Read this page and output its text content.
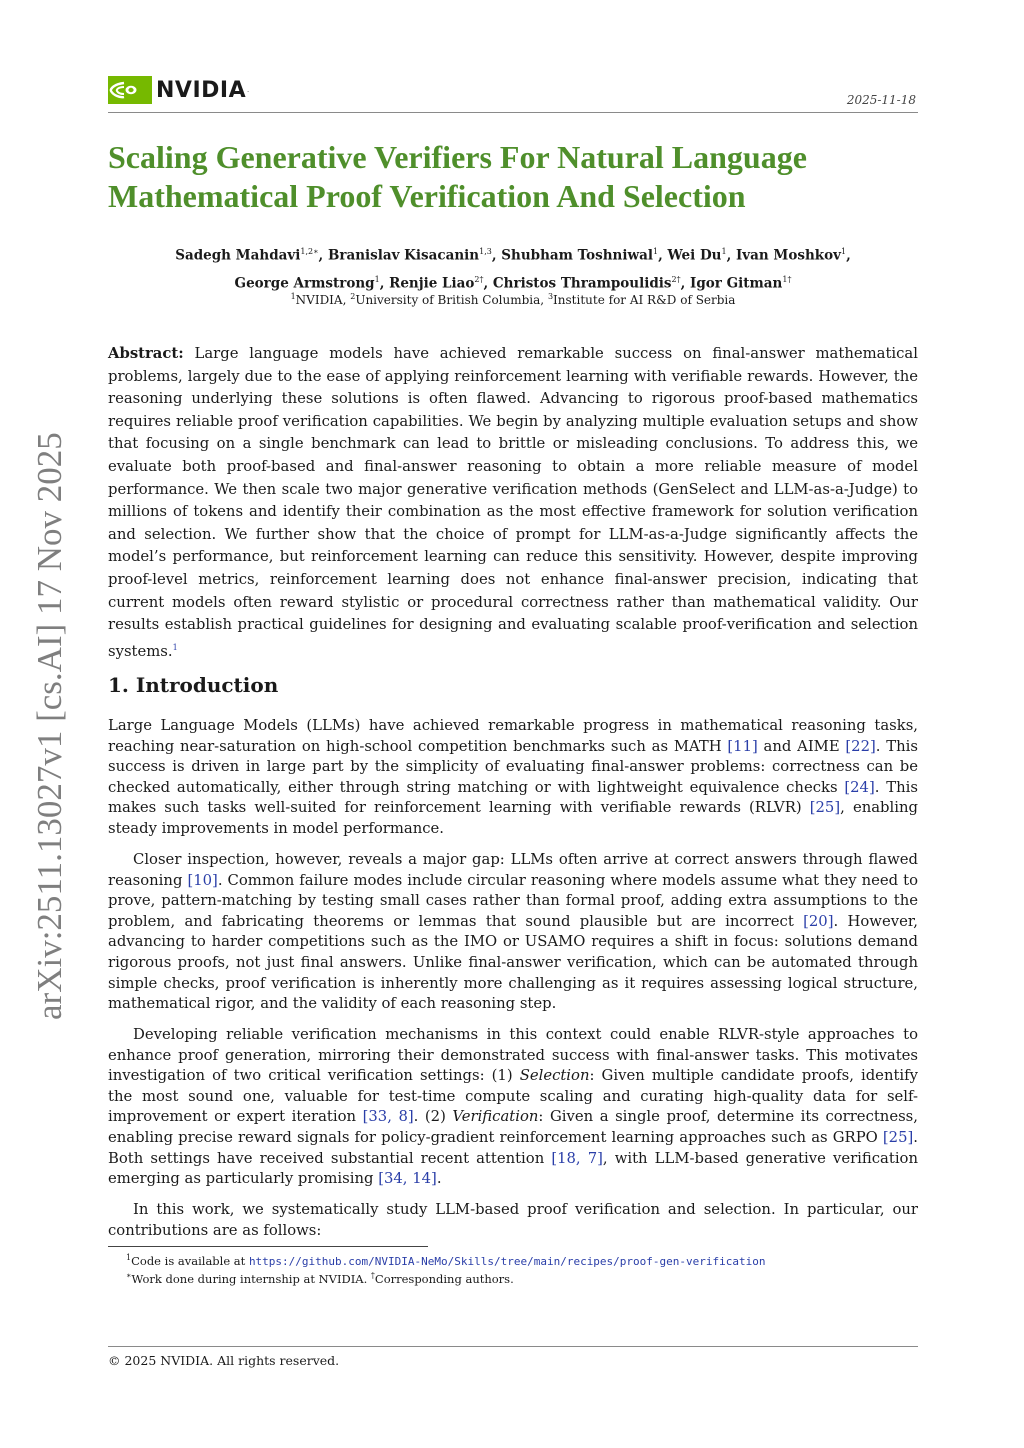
arXiv:2511.13027v1 [cs.AI] 17 Nov 2025
NVIDIA .
2025-11-18
Scaling Generative Verifiers For Natural Language Mathematical Proof Verification And Selection
Sadegh Mahdavi$^{1,2∗}$, Branislav Kisacanin$^{1,3}$, Shubham Toshniwal$^1$, Wei Du$^1$, Ivan Moshkov$^1$,
George Armstrong$^1$, Renjie Liao$^{2\dagger}$, Christos Thrampoulidis$^{2\dagger}$, Igor Gitman$^{1\dagger}$
$^1$NVIDIA, $^2$University of British Columbia, $^3$Institute for AI R&D of Serbia

Abstract: Large language models have achieved remarkable success on final-answer mathematical problems, largely due to the ease of applying reinforcement learning with verifiable rewards. However, the reasoning underlying these solutions is often flawed. Advancing to rigorous proof-based mathematics requires reliable proof verification capabilities. We begin by analyzing multiple evaluation setups and show that focusing on a single benchmark can lead to brittle or misleading conclusions. To address this, we evaluate both proof-based and final-answer reasoning to obtain a more reliable measure of model performance. We then scale two major generative verification methods (GenSelect and LLM-as-a-Judge) to millions of tokens and identify their combination as the most effective framework for solution verification and selection. We further show that the choice of prompt for LLM-as-a-Judge significantly affects the model’s performance, but reinforcement learning can reduce this sensitivity. However, despite improving proof-level metrics, reinforcement learning does not enhance final-answer precision, indicating that current models often reward stylistic or procedural correctness rather than mathematical validity. Our results establish practical guidelines for designing and evaluating scalable proof-verification and selection systems.$^1$

1. Introduction

Large Language Models (LLMs) have achieved remarkable progress in mathematical reasoning tasks, reaching near-saturation on high-school competition benchmarks such as MATH [11] and AIME [22]. This success is driven in large part by the simplicity of evaluating final-answer problems: correctness can be checked automatically, either through string matching or with lightweight equivalence checks [24]. This makes such tasks well-suited for reinforcement learning with verifiable rewards (RLVR) [25], enabling steady improvements in model performance.

Closer inspection, however, reveals a major gap: LLMs often arrive at correct answers through flawed reasoning [10]. Common failure modes include circular reasoning where models assume what they need to prove, pattern-matching by testing small cases rather than formal proof, adding extra assumptions to the problem, and fabricating theorems or lemmas that sound plausible but are incorrect [20]. However, advancing to harder competitions such as the IMO or USAMO requires a shift in focus: solutions demand rigorous proofs, not just final answers. Unlike final-answer verification, which can be automated through simple checks, proof verification is inherently more challenging as it requires assessing logical structure, mathematical rigor, and the validity of each reasoning step.

Developing reliable verification mechanisms in this context could enable RLVR-style approaches to enhance proof generation, mirroring their demonstrated success with final-answer tasks. This motivates investigation of two critical verification settings: (1) Selection: Given multiple candidate proofs, identify the most sound one, valuable for test-time compute scaling and curating high-quality data for self-improvement or expert iteration [33, 8]. (2) Verification: Given a single proof, determine its correctness, enabling precise reward signals for policy-gradient reinforcement learning approaches such as GRPO [25]. Both settings have received substantial recent attention [18, 7], with LLM-based generative verification emerging as particularly promising [34, 14].

In this work, we systematically study LLM-based proof verification and selection. In particular, our contributions are as follows:

$^1$Code is available at https://github.com/NVIDIA-NeMo/Skills/tree/main/recipes/proof-gen-verification
∗Work done during internship at NVIDIA. †Corresponding authors.
© 2025 NVIDIA. All rights reserved.
